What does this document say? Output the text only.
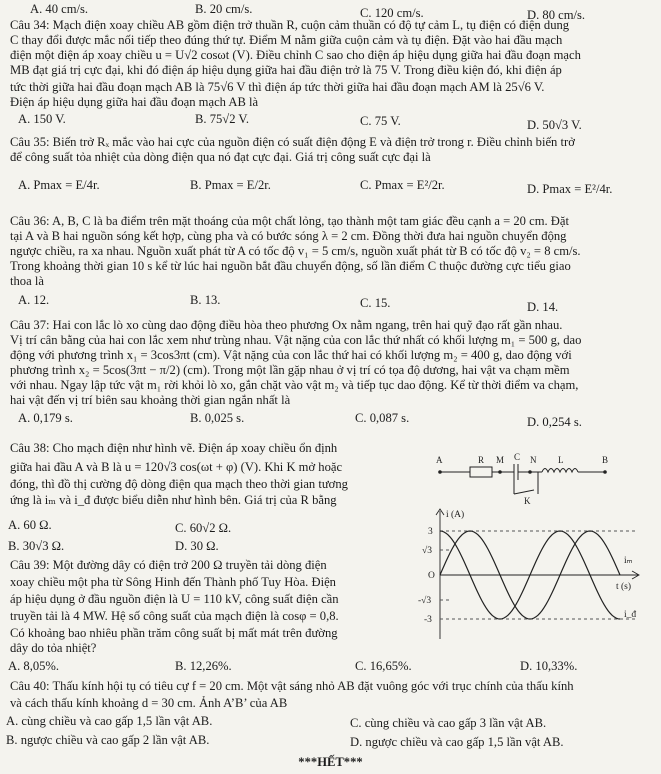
A. 40 cm/s.	B. 20 cm/s.	C. 120 cm/s.	D. 80 cm/s.
Câu 34: Mạch điện xoay chiều AB gồm điện trở thuần R, cuộn cảm thuần có độ tự cảm L, tụ điện có điện dung
C thay đổi được mắc nối tiếp theo đúng thứ tự. Điểm M nằm giữa cuộn cảm và tụ điện. Đặt vào hai đầu mạch
điện một điện áp xoay chiều u = U√2 cosωt (V). Điều chỉnh C sao cho điện áp hiệu dụng giữa hai đầu đoạn mạch
MB đạt giá trị cực đại, khi đó điện áp hiệu dụng giữa hai đầu điện trở là 75 V. Trong điều kiện đó, khi điện áp
tức thời giữa hai đầu đoạn mạch AB là 75√6 V thì điện áp tức thời giữa hai đầu đoạn mạch AM là 25√6 V.
Điện áp hiệu dụng giữa hai đầu đoạn mạch AB là
A. 150 V.	B. 75√2 V.	C. 75 V.	D. 50√3 V.
Câu 35: Biến trở Rₓ mắc vào hai cực của nguồn điện có suất điện động E và điện trở trong r. Điều chỉnh biến trở
để công suất tỏa nhiệt của dòng điện qua nó đạt cực đại. Giá trị công suất cực đại là
A. Pmax = E/4r.	B. Pmax = E/2r.	C. Pmax = E²/2r.	D. Pmax = E²/4r.
Câu 36: A, B, C là ba điểm trên mặt thoáng của một chất lỏng, tạo thành một tam giác đều cạnh a = 20 cm. Đặt
tại A và B hai nguồn sóng kết hợp, cùng pha và có bước sóng λ = 2 cm. Đồng thời đưa hai nguồn chuyển động
ngược chiều, ra xa nhau. Nguồn xuất phát từ A có tốc độ v₁ = 5 cm/s, nguồn xuất phát từ B có tốc độ v₂ = 8 cm/s.
Trong khoảng thời gian 10 s kể từ lúc hai nguồn bắt đầu chuyển động, số lần điểm C thuộc đường cực tiểu giao
thoa là
A. 12.	B. 13.	C. 15.	D. 14.
Câu 37: Hai con lắc lò xo cùng dao động điều hòa theo phương Ox nằm ngang, trên hai quỹ đạo rất gần nhau.
Vị trí cân bằng của hai con lắc xem như trùng nhau. Vật nặng của con lắc thứ nhất có khối lượng m₁ = 500 g, dao
động với phương trình x₁ = 3cos3πt (cm). Vật nặng của con lắc thứ hai có khối lượng m₂ = 400 g, dao động với
phương trình x₂ = 5cos(3πt − π/2) (cm). Trong một lần gặp nhau ở vị trí có tọa độ dương, hai vật va chạm mềm
với nhau. Ngay lập tức vật m₁ rời khỏi lò xo, gắn chặt vào vật m₂ và tiếp tục dao động. Kể từ thời điểm va chạm,
hai vật đến vị trí biên sau khoảng thời gian ngắn nhất là
A. 0,179 s.	B. 0,025 s.	C. 0,087 s.	D. 0,254 s.
Câu 38: Cho mạch điện như hình vẽ. Điện áp xoay chiều ổn định
giữa hai đầu A và B là u = 120√3 cos(ωt + φ) (V). Khi K mở hoặc
đóng, thì đồ thị cường độ dòng điện qua mạch theo thời gian tương
ứng là iₘ và i_đ được biểu diễn như hình bên. Giá trị của R bằng
A. 60 Ω.	C. 60√2 Ω.
B. 30√3 Ω.	D. 30 Ω.
A	R M C N L	B
K
i (A)
t (s)
3
√3
O
-√3
-3
iₘ
i_đ
Câu 39: Một đường dây có điện trở 200 Ω truyền tải dòng điện
xoay chiều một pha từ Sông Hinh đến Thành phố Tuy Hòa. Điện
áp hiệu dụng ở đầu nguồn điện là U = 110 kV, công suất điện cần
truyền tải là 4 MW. Hệ số công suất của mạch điện là cosφ = 0,8.
Có khoảng bao nhiêu phần trăm công suất bị mất mát trên đường
dây do tỏa nhiệt?
A. 8,05%.	B. 12,26%.	C. 16,65%.	D. 10,33%.
Câu 40: Thấu kính hội tụ có tiêu cự f = 20 cm. Một vật sáng nhỏ AB đặt vuông góc với trục chính của thấu kính
và cách thấu kính khoảng d = 30 cm. Ảnh A’B’ của AB
A. cùng chiều và cao gấp 1,5 lần vật AB.	C. cùng chiều và cao gấp 3 lần vật AB.
B. ngược chiều và cao gấp 2 lần vật AB.	D. ngược chiều và cao gấp 1,5 lần vật AB.
***HẾT***
